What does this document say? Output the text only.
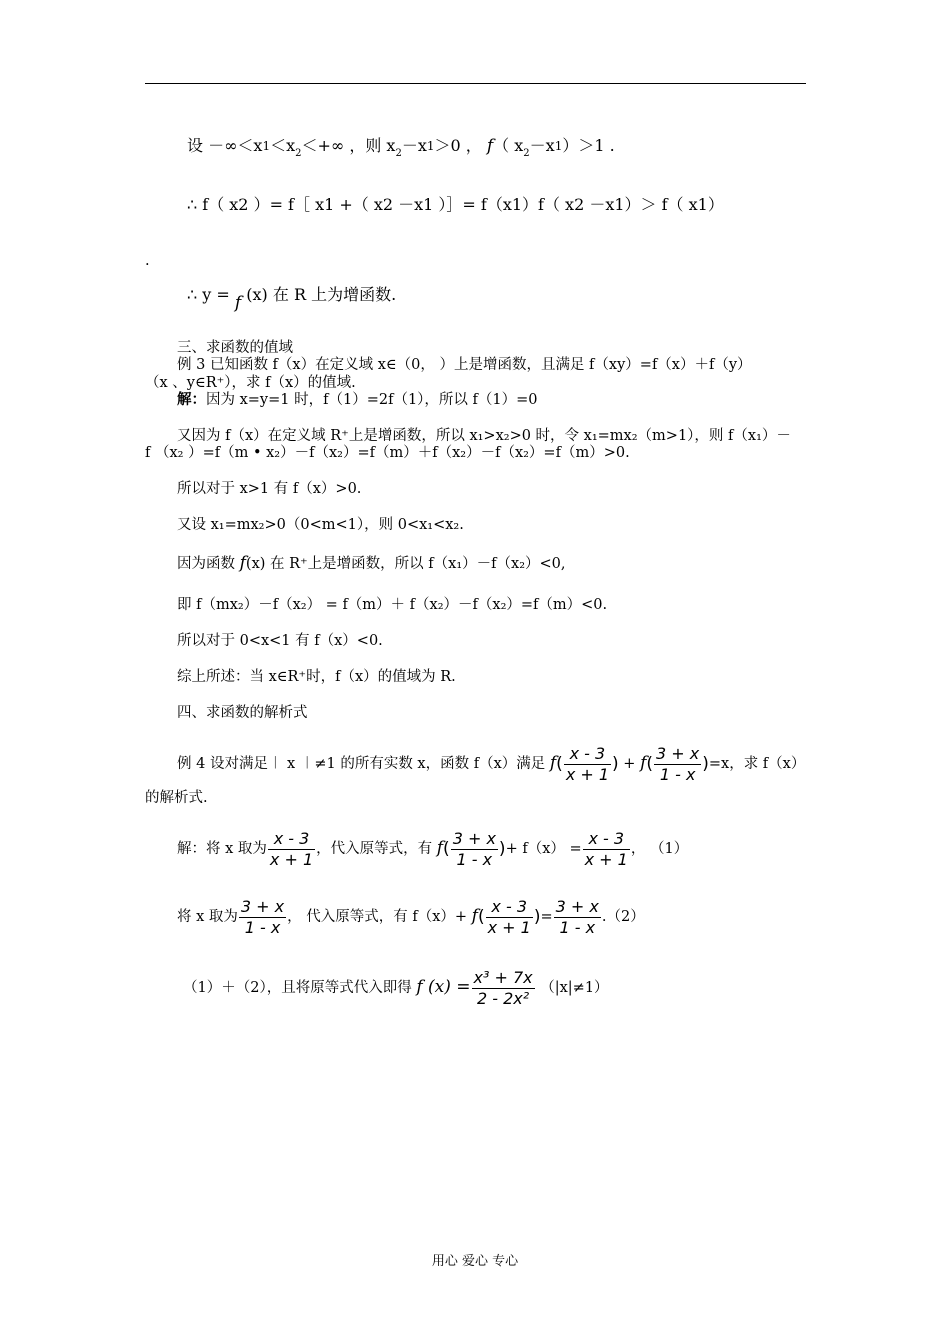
设 $-\infty<x1<x_2<+\infty$ ，则 $x_2-x1>0$ ， f（ $x_2-x1)>1$ .
∴ f（ x2 ）= f［ x1 +（ x2 －x1 ）］= f（x1）f（ x2 －x1）＞ f（ x1）
.
∴ y = f (x) 在 R 上为增函数.
三、求函数的值域
例 3 已知函数 f（x）在定义域 x∈（0， ）上是增函数，且满足 f（xy）=f（x）＋f（y）
（x 、y∈R⁺），求 f（x）的值域.
解：因为 x=y=1 时，f（1）=2f（1），所以 f（1）=0
又因为 f（x）在定义域 R⁺上是增函数，所以 x₁>x₂>0 时，令 x₁=mx₂（m>1），则 f（x₁）－
f （x₂ ）=f（m • x₂）－f（x₂）=f（m）＋f（x₂）－f（x₂）=f（m）>0.
所以对于 x>1 有 f（x）>0.
又设 x₁=mx₂>0（0<m<1），则 0<x₁<x₂.
因为函数 f(x) 在 R⁺上是增函数，所以 f（x₁）－f（x₂）<0,
即 f（mx₂）－f（x₂） = f（m）＋ f（x₂）－f（x₂）=f（m）<0.
所以对于 0<x<1 有 f（x）<0.
综上所述：当 x∈R⁺时，f（x）的值域为 R.
四、求函数的解析式
例 4 设对满足︱ x ︱≠1 的所有实数 x，函数 f（x）满足 $f( \frac{x - 3}{x + 1}$ ) + $f( \frac{3 + x}{1 - x} )=x$，求 f（x）
的解析式.
解：将 x 取为 $\frac{x - 3}{x + 1}$ ，代入原等式，有 $f( \frac{3 + x}{1 - x}$ )+ $f(x) = \frac{x - 3}{x + 1}$ ， （1）
将 x 取为 $\frac{3 + x}{1 - x}$ ， 代入原等式，有 $f(x)+ f( \frac{x - 3}{x + 1}$ )= $\frac{3 + x}{1 - x} .(2)$
（1）＋（2），且将原等式代入即得 f $(x) = \frac{\text{x³ + 7x}}{\text{2 - 2x²}} (|x|\ne 1)$
用心 爱心 专心
